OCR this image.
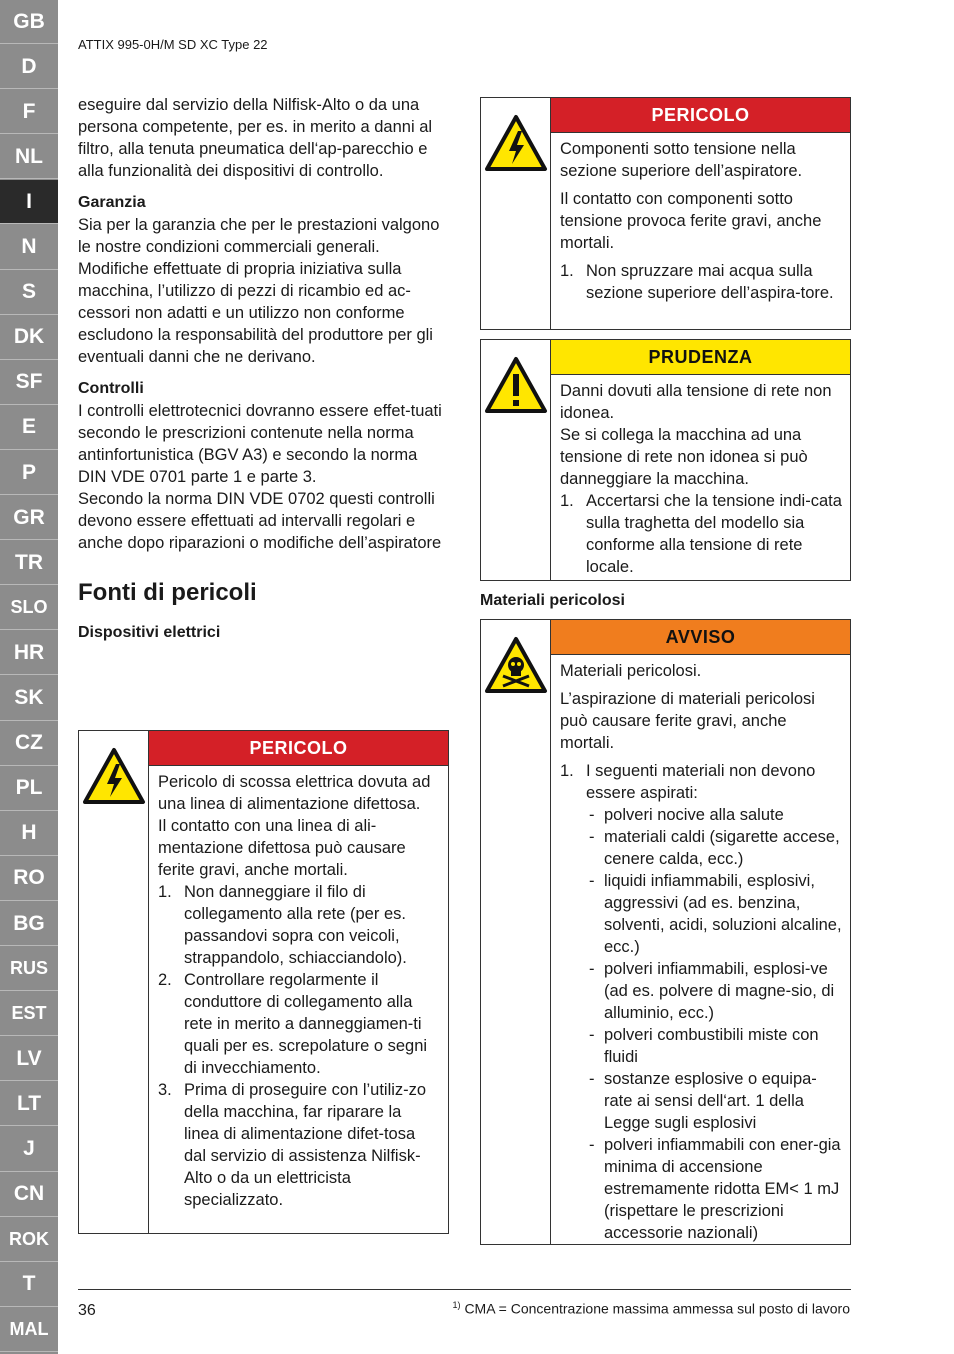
GB
D
F
NL
I
N
S
DK
SF
E
P
GR
TR
SLO
HR
SK
CZ
PL
H
RO
BG
RUS
EST
LV
LT
J
CN
ROK
T
MAL
ATTIX 995-0H/M SD XC Type 22

eseguire dal servizio della Nilfisk-Alto o da una persona competente, per es. in merito a danni al filtro, alla tenuta pneumatica dell‘ap-parecchio e alla funzionalità dei dispositivi di controllo.

Garanzia

Sia per la garanzia che per le prestazioni valgono le nostre condizioni commerciali generali.

Modifiche effettuate di propria iniziativa sulla macchina, l’utilizzo di pezzi di ricambio ed ac-cessori non adatti e un utilizzo non conforme escludono la responsabilità del produttore per gli eventuali danni che ne derivano.

Controlli

I controlli elettrotecnici dovranno essere effet-tuati secondo le prescrizioni contenute nella norma antinfortunistica (BGV A3) e secondo la norma DIN VDE 0701 parte 1 e parte 3.

Secondo la norma DIN VDE 0702 questi controlli devono essere effettuati ad intervalli regolari e anche dopo riparazioni o modifiche dell’aspiratore

Fonti di pericoli

Dispositivi elettrici

PERICOLO

Pericolo di scossa elettrica dovuta ad una linea di alimentazione difettosa.

Il contatto con una linea di ali-mentazione difettosa può causare ferite gravi, anche mortali.

1. Non danneggiare il filo di collegamento alla rete (per es. passandovi sopra con veicoli, strappandolo, schiacciandolo).
2. Controllare regolarmente il conduttore di collegamento alla rete in merito a danneggiamen-ti quali per es. screpolature o segni di invecchiamento.
3. Prima di proseguire con l’utiliz-zo della macchina, far riparare la linea di alimentazione difet-tosa dal servizio di assistenza Nilfisk-Alto o da un elettricista specializzato.
PERICOLO

Componenti sotto tensione nella sezione superiore dell’aspiratore.

Il contatto con componenti sotto tensione provoca ferite gravi, anche mortali.

1. Non spruzzare mai acqua sulla sezione superiore dell’aspira-tore.
PRUDENZA

Danni dovuti alla tensione di rete non idonea.

Se si collega la macchina ad una tensione di rete non idonea si può danneggiare la macchina.

1. Accertarsi che la tensione indi-cata sulla traghetta del modello sia conforme alla tensione di rete locale.
Materiali pericolosi
AVVISO

Materiali pericolosi.

L’aspirazione di materiali pericolosi può causare ferite gravi, anche mortali.

1. I seguenti materiali non devono essere aspirati:
- polveri nocive alla salute
- materiali caldi (sigarette accese, cenere calda, ecc.)
- liquidi infiammabili, esplosivi, aggressivi (ad es. benzina, solventi, acidi, soluzioni alcaline, ecc.)
- polveri infiammabili, esplosi-ve (ad es. polvere di magne-sio, di alluminio, ecc.)
- polveri combustibili miste con fluidi
- sostanze esplosive o equipa-rate ai sensi dell‘art. 1 della Legge sugli esplosivi
- polveri infiammabili con ener-gia minima di accensione estremamente ridotta EM< 1 mJ (rispettare le prescrizioni accessorie nazionali)
36	$^{1)}$ CMA = Concentrazione massima ammessa sul posto di lavoro
